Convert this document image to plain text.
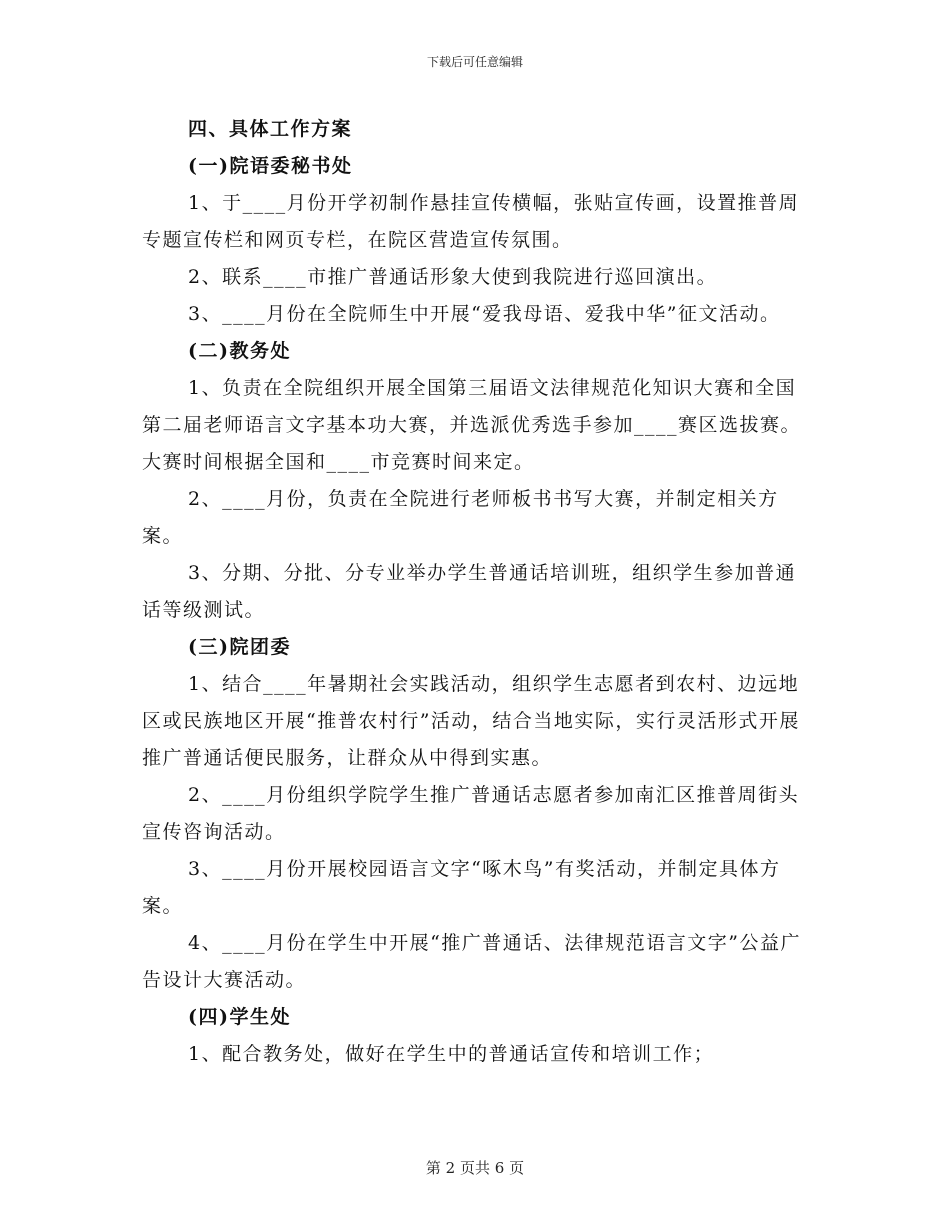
下载后可任意编辑

四、具体工作方案

(一)院语委秘书处

1、于____月份开学初制作悬挂宣传横幅，张贴宣传画，设置推普周专题宣传栏和网页专栏，在院区营造宣传氛围。

2、联系____市推广普通话形象大使到我院进行巡回演出。

3、____月份在全院师生中开展“爱我母语、爱我中华”征文活动。

(二)教务处

1、负责在全院组织开展全国第三届语文法律规范化知识大赛和全国第二届老师语言文字基本功大赛，并选派优秀选手参加____赛区选拔赛。大赛时间根据全国和____市竞赛时间来定。

2、____月份，负责在全院进行老师板书书写大赛，并制定相关方案。

3、分期、分批、分专业举办学生普通话培训班，组织学生参加普通话等级测试。

(三)院团委

1、结合____年暑期社会实践活动，组织学生志愿者到农村、边远地区或民族地区开展“推普农村行”活动，结合当地实际，实行灵活形式开展推广普通话便民服务，让群众从中得到实惠。

2、____月份组织学院学生推广普通话志愿者参加南汇区推普周街头宣传咨询活动。

3、____月份开展校园语言文字“啄木鸟”有奖活动，并制定具体方案。

4、____月份在学生中开展“推广普通话、法律规范语言文字”公益广告设计大赛活动。

(四)学生处

1、配合教务处，做好在学生中的普通话宣传和培训工作；

第 2 页共 6 页
